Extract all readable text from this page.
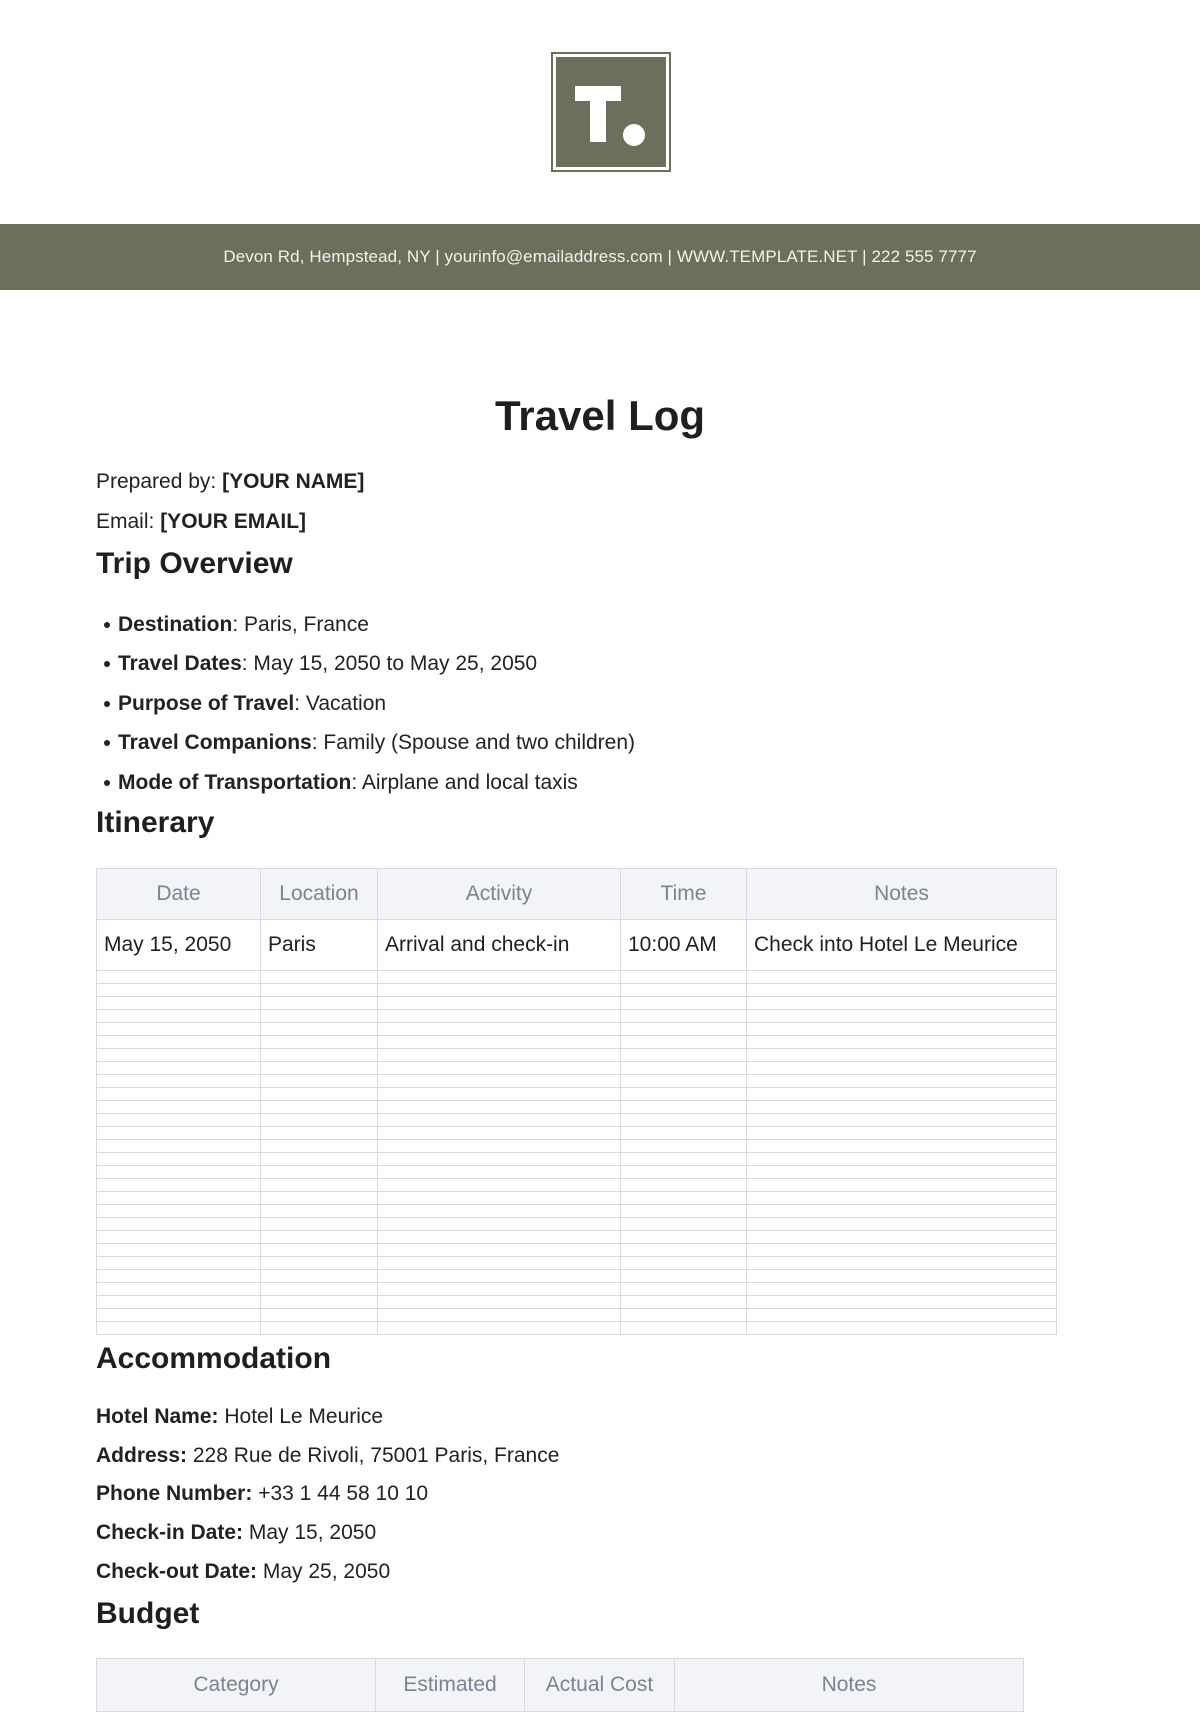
Devon Rd, Hempstead, NY | yourinfo@emailaddress.com | WWW.TEMPLATE.NET | 222 555 7777
Travel Log
Prepared by: [YOUR NAME]
Email: [YOUR EMAIL]
Trip Overview
Destination : Paris, France
Travel Dates : May 15, 2050 to May 25, 2050
Purpose of Travel : Vacation
Travel Companions : Family (Spouse and two children)
Mode of Transportation : Airplane and local taxis
Itinerary
Date	Location	Activity	Time	Notes
May 15, 2050	Paris	Arrival and check-in	10:00 AM	Check into Hotel Le Meurice

Accommodation
Hotel Name: Hotel Le Meurice
Address: 228 Rue de Rivoli, 75001 Paris, France
Phone Number: +33 1 44 58 10 10
Check-in Date: May 15, 2050
Check-out Date: May 25, 2050
Budget
Category	Estimated	Actual Cost	Notes
